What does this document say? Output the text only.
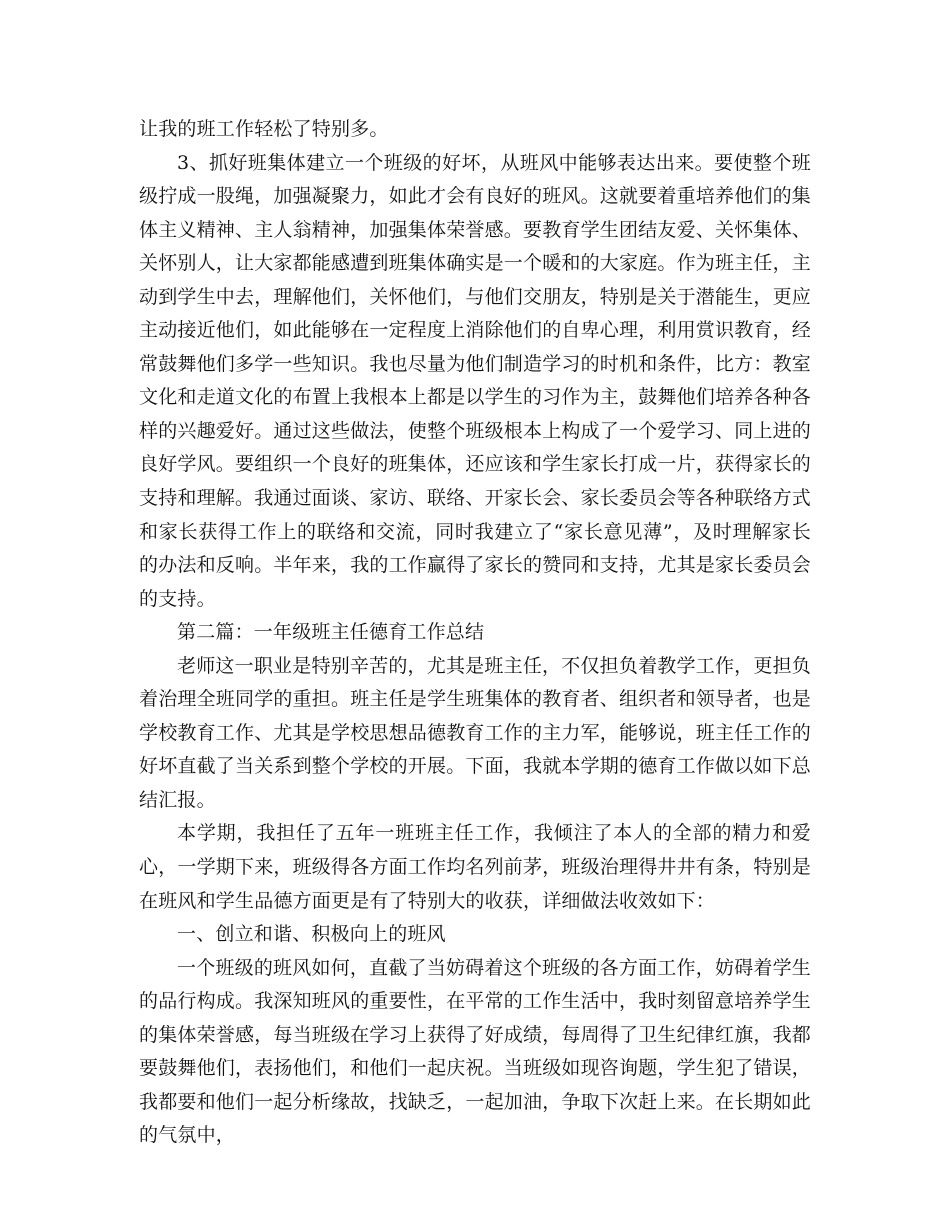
让我的班工作轻松了特别多。

3、抓好班集体建立一个班级的好坏，从班风中能够表达出来。要使整个班级拧成一股绳，加强凝聚力，如此才会有良好的班风。这就要着重培养他们的集体主义精神、主人翁精神，加强集体荣誉感。要教育学生团结友爱、关怀集体、关怀别人，让大家都能感遭到班集体确实是一个暖和的大家庭。作为班主任，主动到学生中去，理解他们，关怀他们，与他们交朋友，特别是关于潜能生，更应主动接近他们，如此能够在一定程度上消除他们的自卑心理，利用赏识教育，经常鼓舞他们多学一些知识。我也尽量为他们制造学习的时机和条件，比方：教室文化和走道文化的布置上我根本上都是以学生的习作为主，鼓舞他们培养各种各样的兴趣爱好。通过这些做法，使整个班级根本上构成了一个爱学习、同上进的良好学风。要组织一个良好的班集体，还应该和学生家长打成一片，获得家长的支持和理解。我通过面谈、家访、联络、开家长会、家长委员会等各种联络方式和家长获得工作上的联络和交流，同时我建立了“家长意见薄”，及时理解家长的办法和反响。半年来，我的工作赢得了家长的赞同和支持，尤其是家长委员会的支持。

第二篇：一年级班主任德育工作总结

老师这一职业是特别辛苦的，尤其是班主任，不仅担负着教学工作，更担负着治理全班同学的重担。班主任是学生班集体的教育者、组织者和领导者，也是学校教育工作、尤其是学校思想品德教育工作的主力军，能够说，班主任工作的好坏直截了当关系到整个学校的开展。下面，我就本学期的德育工作做以如下总结汇报。

本学期，我担任了五年一班班主任工作，我倾注了本人的全部的精力和爱心，一学期下来，班级得各方面工作均名列前茅，班级治理得井井有条，特别是在班风和学生品德方面更是有了特别大的收获，详细做法收效如下：

一、创立和谐、积极向上的班风

一个班级的班风如何，直截了当妨碍着这个班级的各方面工作，妨碍着学生的品行构成。我深知班风的重要性，在平常的工作生活中，我时刻留意培养学生的集体荣誉感，每当班级在学习上获得了好成绩，每周得了卫生纪律红旗，我都要鼓舞他们，表扬他们，和他们一起庆祝。当班级如现咨询题，学生犯了错误，我都要和他们一起分析缘故，找缺乏，一起加油，争取下次赶上来。在长期如此的气氛中，
